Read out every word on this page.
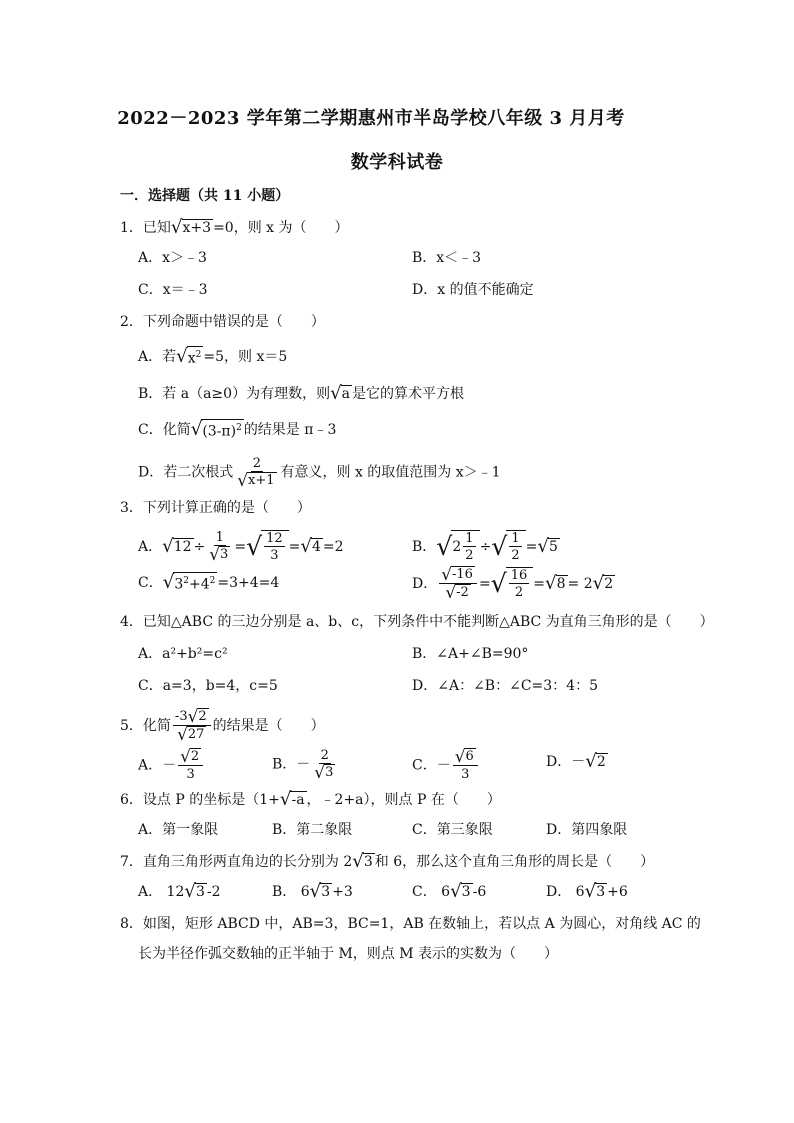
2022－2023 学年第二学期惠州市半岛学校八年级 3 月月考
数学科试卷
一．选择题（共 11 小题）
1．已知√x+3 =0，则 x 为（　　）
A．x＞﹣3	B．x＜﹣3
C．x＝﹣3	D．x 的值不能确定
2．下列命题中错误的是（　　）
A．若$√x^2 =5$，则 x＝5
B．若 a（a≥0）为有理数，则√a 是它的算术平方根
C．化简$√(3-\pi)^2$ 的结果是 π﹣3
D．若二次根式 $\frac{2}{√x+1}$ 有意义，则 x 的取值范围为 x＞﹣1
3．下列计算正确的是（　　）
A．$√12 \div \frac{1}{√3}$ =√ $\frac{12}{3} =√4 =2$	B．√ $2 \frac{1}{2}$ ÷√ $\frac{1}{2} =√5$
C．$√3^2+4^2 =3+4=4$	D． $\frac{√-16}{√-2}$ =√ $\frac{16}{2} =√8 = 2√2$
4．已知△ABC 的三边分别是 a、b、c，下列条件中不能判断△ABC 为直角三角形的是（　　）
A．a²+b²=c²	B．∠A+∠B=90°
C．a=3，b=4，c=5	D．∠A：∠B：∠C=3：4：5
5．化简 $\frac{-3√2}{√27}$ 的结果是（　　）
A．－ $\frac{√2}{3}$	B．－ $\frac{2}{√3}$	C．－ $\frac{√6}{3}$	D．－√2
6．设点 P 的坐标是（1+√-a ，﹣2+a），则点 P 在（　　）
A．第一象限	B．第二象限	C．第三象限	D．第四象限
7．直角三角形两直角边的长分别为 2√3 和 6，那么这个直角三角形的周长是（　　）
A． 12√3 -2	B． 6√3 +3	C． 6√3 -6	D． 6√3 +6
8．如图，矩形 ABCD 中，AB=3，BC=1，AB 在数轴上，若以点 A 为圆心，对角线 AC 的
长为半径作弧交数轴的正半轴于 M，则点 M 表示的实数为（　　）
